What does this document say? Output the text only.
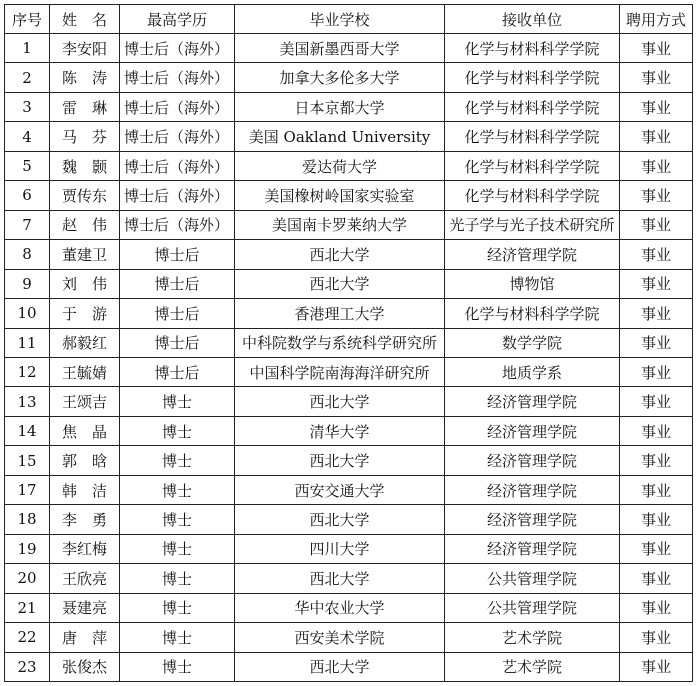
序号	姓　名	最高学历	毕业学校	接收单位	聘用方式
1	李安阳	博士后（海外）	美国新墨西哥大学	化学与材料科学学院	事业
2	陈　涛	博士后（海外）	加拿大多伦多大学	化学与材料科学学院	事业
3	雷　琳	博士后（海外）	日本京都大学	化学与材料科学学院	事业
4	马　芬	博士后（海外）	美国 Oakland University	化学与材料科学学院	事业
5	魏　颢	博士后（海外）	爱达荷大学	化学与材料科学学院	事业
6	贾传东	博士后（海外）	美国橡树岭国家实验室	化学与材料科学学院	事业
7	赵　伟	博士后（海外）	美国南卡罗莱纳大学	光子学与光子技术研究所	事业
8	董建卫	博士后	西北大学	经济管理学院	事业
9	刘　伟	博士后	西北大学	博物馆	事业
10	于　游	博士后	香港理工大学	化学与材料科学学院	事业
11	郝毅红	博士后	中科院数学与系统科学研究所	数学学院	事业
12	王毓婧	博士后	中国科学院南海海洋研究所	地质学系	事业
13	王颂吉	博士	西北大学	经济管理学院	事业
14	焦　晶	博士	清华大学	经济管理学院	事业
15	郭　晗	博士	西北大学	经济管理学院	事业
17	韩　洁	博士	西安交通大学	经济管理学院	事业
18	李　勇	博士	西北大学	经济管理学院	事业
19	李红梅	博士	四川大学	经济管理学院	事业
20	王欣亮	博士	西北大学	公共管理学院	事业
21	聂建亮	博士	华中农业大学	公共管理学院	事业
22	唐　萍	博士	西安美术学院	艺术学院	事业
23	张俊杰	博士	西北大学	艺术学院	事业
